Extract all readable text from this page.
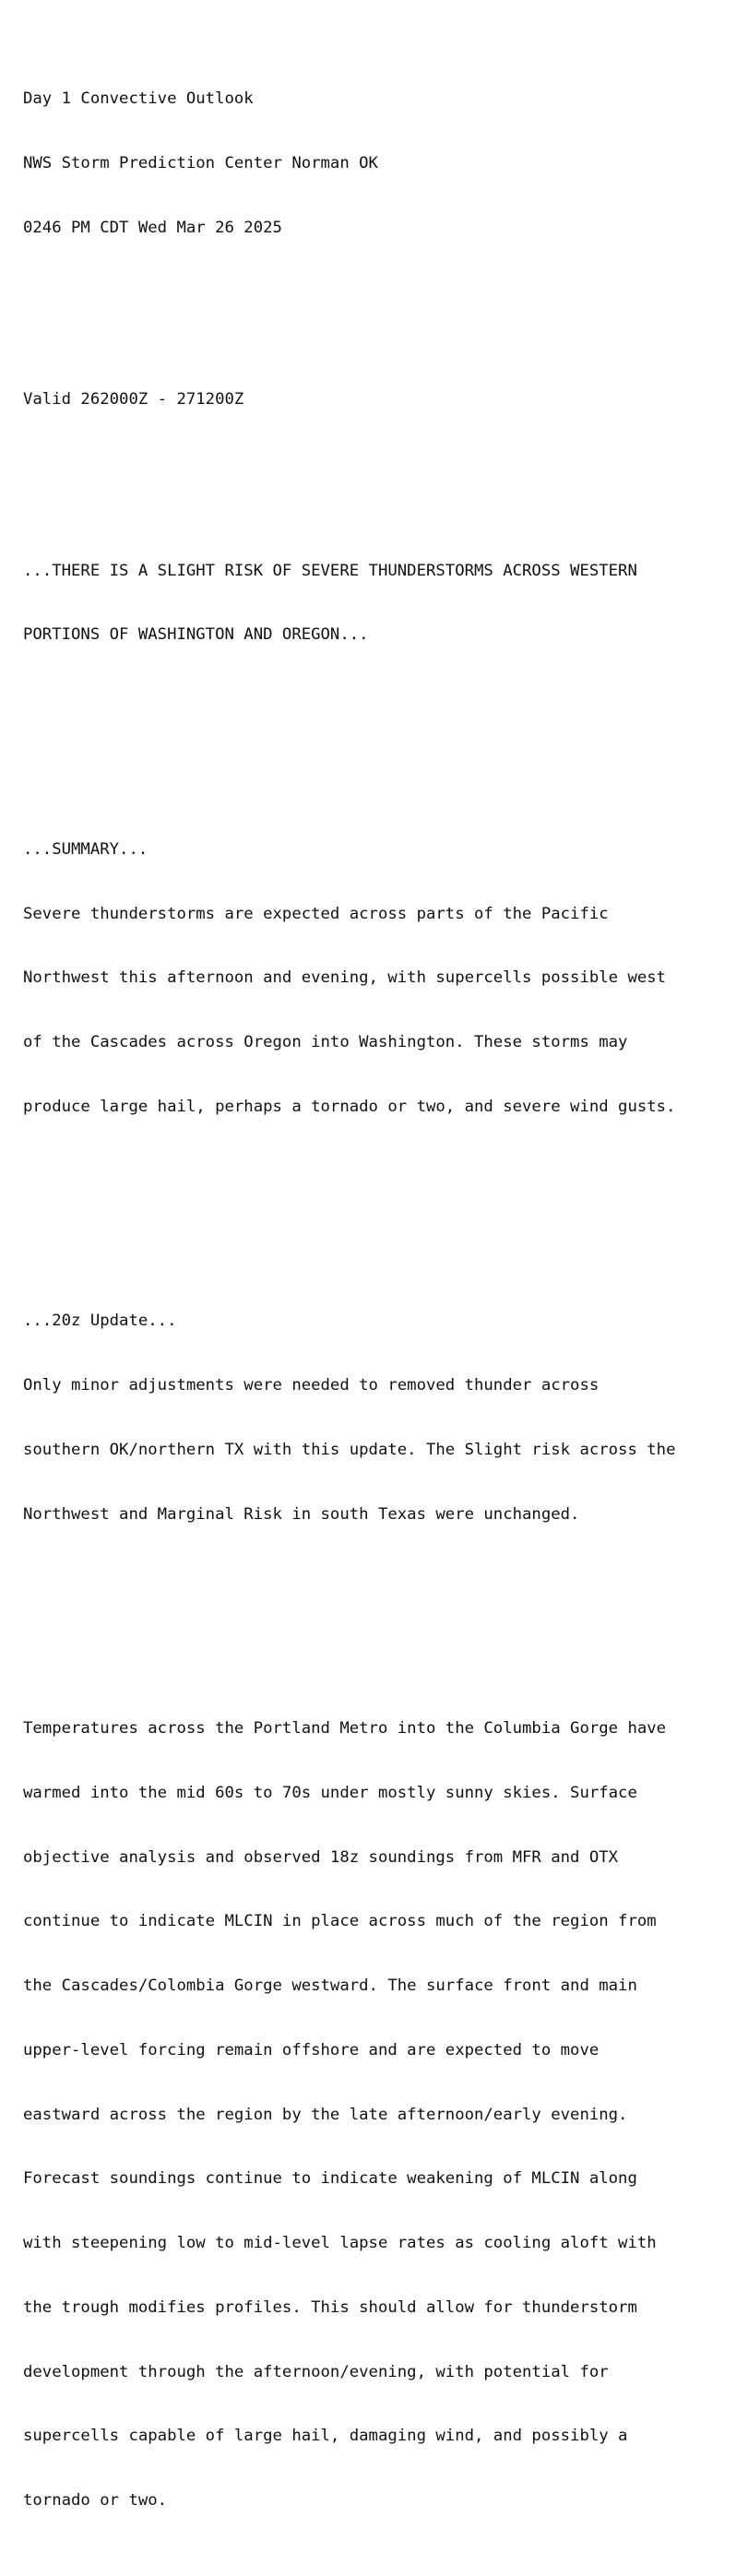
Day 1 Convective Outlook

NWS Storm Prediction Center Norman OK

0246 PM CDT Wed Mar 26 2025

Valid 262000Z - 271200Z

...THERE IS A SLIGHT RISK OF SEVERE THUNDERSTORMS ACROSS WESTERN

PORTIONS OF WASHINGTON AND OREGON...

...SUMMARY...

Severe thunderstorms are expected across parts of the Pacific

Northwest this afternoon and evening, with supercells possible west

of the Cascades across Oregon into Washington. These storms may

produce large hail, perhaps a tornado or two, and severe wind gusts.

...20z Update...

Only minor adjustments were needed to removed thunder across

southern OK/northern TX with this update. The Slight risk across the

Northwest and Marginal Risk in south Texas were unchanged.

Temperatures across the Portland Metro into the Columbia Gorge have

warmed into the mid 60s to 70s under mostly sunny skies. Surface

objective analysis and observed 18z soundings from MFR and OTX

continue to indicate MLCIN in place across much of the region from

the Cascades/Colombia Gorge westward. The surface front and main

upper-level forcing remain offshore and are expected to move

eastward across the region by the late afternoon/early evening.

Forecast soundings continue to indicate weakening of MLCIN along

with steepening low to mid-level lapse rates as cooling aloft with

the trough modifies profiles. This should allow for thunderstorm

development through the afternoon/evening, with potential for

supercells capable of large hail, damaging wind, and possibly a

tornado or two.
